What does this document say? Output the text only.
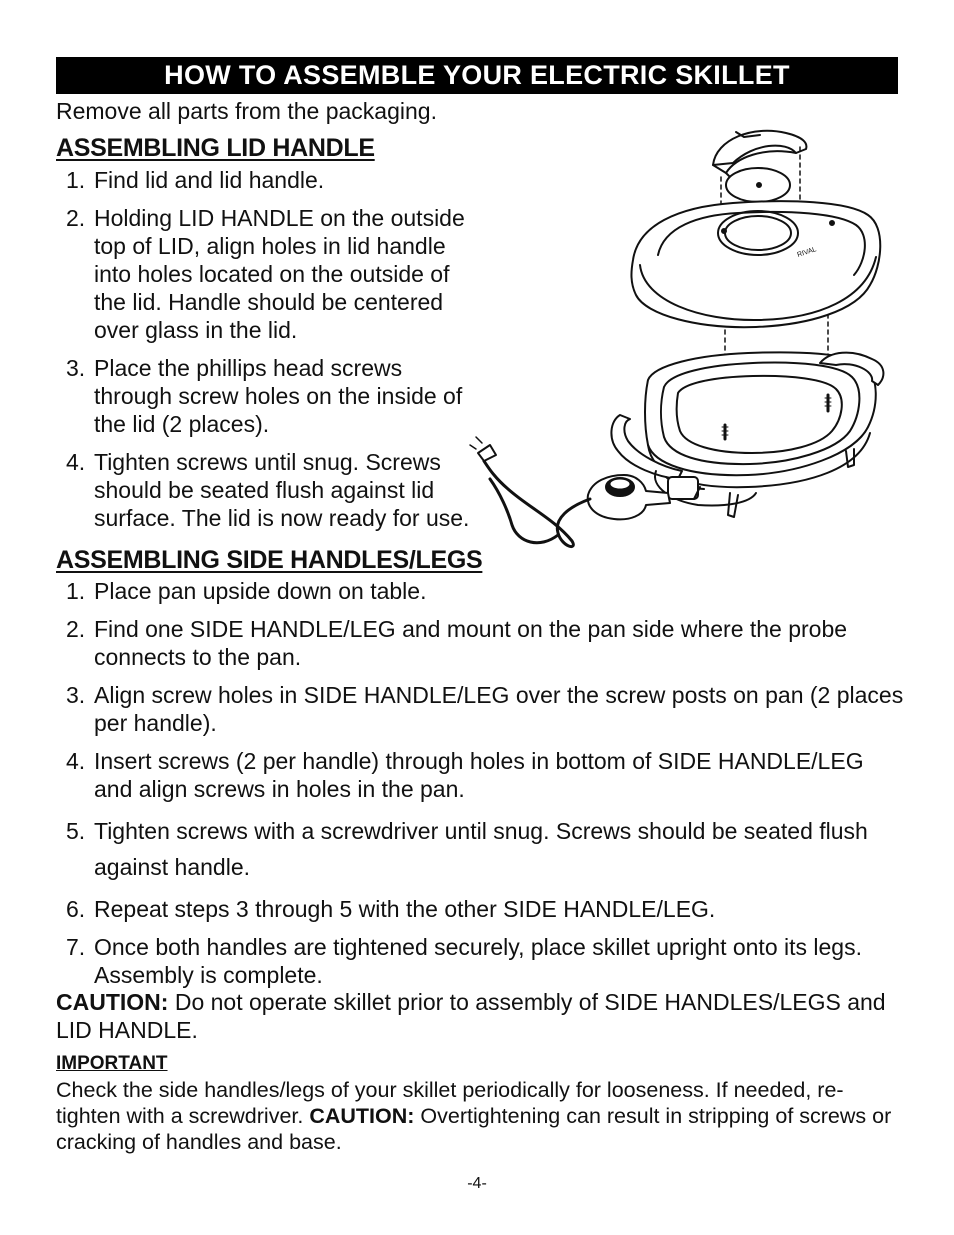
HOW TO ASSEMBLE YOUR ELECTRIC SKILLET
Remove all parts from the packaging.
ASSEMBLING LID HANDLE
1. Find lid and lid handle.
2. Holding LID HANDLE on the outside top of LID, align holes in lid handle into holes located on the outside of the lid. Handle should be centered over glass in the lid.
3. Place the phillips head screws through screw holes on the inside of the lid (2 places).
4. Tighten screws until snug. Screws should be seated flush against lid surface. The lid is now ready for use.
RIVAL
ASSEMBLING SIDE HANDLES/LEGS
1. Place pan upside down on table.
2. Find one SIDE HANDLE/LEG and mount on the pan side where the probe connects to the pan.
3. Align screw holes in SIDE HANDLE/LEG over the screw posts on pan (2 places per handle).
4. Insert screws (2 per handle) through holes in bottom of SIDE HANDLE/LEG and align screws in holes in the pan.
5. Tighten screws with a screwdriver until snug. Screws should be seated flush against handle.
6. Repeat steps 3 through 5 with the other SIDE HANDLE/LEG.
7. Once both handles are tightened securely, place skillet upright onto its legs. Assembly is complete.
CAUTION: Do not operate skillet prior to assembly of SIDE HANDLES/LEGS and LID HANDLE.
IMPORTANT
Check the side handles/legs of your skillet periodically for looseness. If needed, re-tighten with a screwdriver. CAUTION: Overtightening can result in stripping of screws or cracking of handles and base.
-4-
